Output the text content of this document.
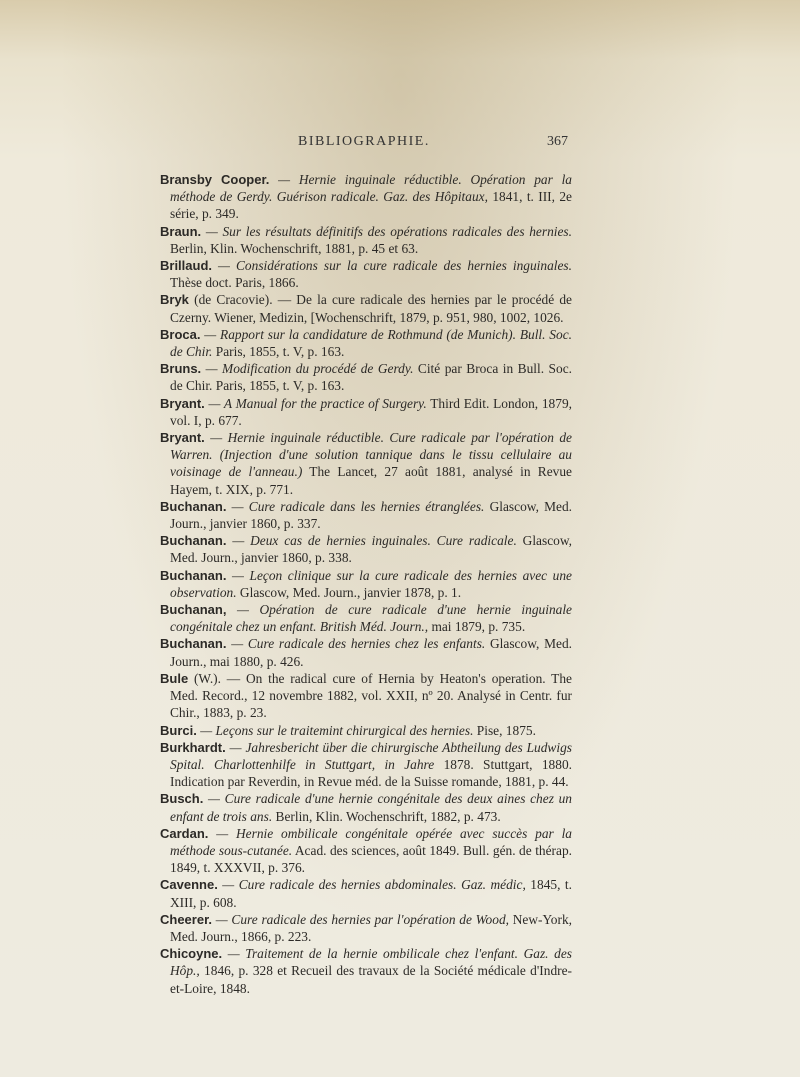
BIBLIOGRAPHIE.	367

Bransby Cooper. — Hernie inguinale réductible. Opération par la méthode de Gerdy. Guérison radicale. Gaz. des Hôpitaux, 1841, t. III, 2e série, p. 349.

Braun. — Sur les résultats définitifs des opérations radicales des hernies. Berlin, Klin. Wochenschrift, 1881, p. 45 et 63.

Brillaud. — Considérations sur la cure radicale des hernies inguinales. Thèse doct. Paris, 1866.

Bryk (de Cracovie). — De la cure radicale des hernies par le procédé de Czerny. Wiener, Medizin, [Wochenschrift, 1879, p. 951, 980, 1002, 1026.

Broca. — Rapport sur la candidature de Rothmund (de Munich). Bull. Soc. de Chir. Paris, 1855, t. V, p. 163.

Bruns. — Modification du procédé de Gerdy. Cité par Broca in Bull. Soc. de Chir. Paris, 1855, t. V, p. 163.

Bryant. — A Manual for the practice of Surgery. Third Edit. London, 1879, vol. I, p. 677.

Bryant. — Hernie inguinale réductible. Cure radicale par l'opération de Warren. (Injection d'une solution tannique dans le tissu cellulaire au voisinage de l'anneau.) The Lancet, 27 août 1881, analysé in Revue Hayem, t. XIX, p. 771.

Buchanan. — Cure radicale dans les hernies étranglées. Glascow, Med. Journ., janvier 1860, p. 337.

Buchanan. — Deux cas de hernies inguinales. Cure radicale. Glascow, Med. Journ., janvier 1860, p. 338.

Buchanan. — Leçon clinique sur la cure radicale des hernies avec une observation. Glascow, Med. Journ., janvier 1878, p. 1.

Buchanan, — Opération de cure radicale d'une hernie inguinale congénitale chez un enfant. British Méd. Journ., mai 1879, p. 735.

Buchanan. — Cure radicale des hernies chez les enfants. Glascow, Med. Journ., mai 1880, p. 426.

Bule (W.). — On the radical cure of Hernia by Heaton's operation. The Med. Record., 12 novembre 1882, vol. XXII, nº 20. Analysé in Centr. fur Chir., 1883, p. 23.

Burci. — Leçons sur le traitemint chirurgical des hernies. Pise, 1875.

Burkhardt. — Jahresbericht über die chirurgische Abtheilung des Ludwigs Spital. Charlottenhilfe in Stuttgart, in Jahre 1878. Stuttgart, 1880. Indication par Reverdin, in Revue méd. de la Suisse romande, 1881, p. 44.

Busch. — Cure radicale d'une hernie congénitale des deux aines chez un enfant de trois ans. Berlin, Klin. Wochenschrift, 1882, p. 473.

Cardan. — Hernie ombilicale congénitale opérée avec succès par la méthode sous-cutanée. Acad. des sciences, août 1849. Bull. gén. de thérap. 1849, t. XXXVII, p. 376.

Cavenne. — Cure radicale des hernies abdominales. Gaz. médic, 1845, t. XIII, p. 608.

Cheerer. — Cure radicale des hernies par l'opération de Wood, New-York, Med. Journ., 1866, p. 223.

Chicoyne. — Traitement de la hernie ombilicale chez l'enfant. Gaz. des Hôp., 1846, p. 328 et Recueil des travaux de la Société médicale d'Indre-et-Loire, 1848.
